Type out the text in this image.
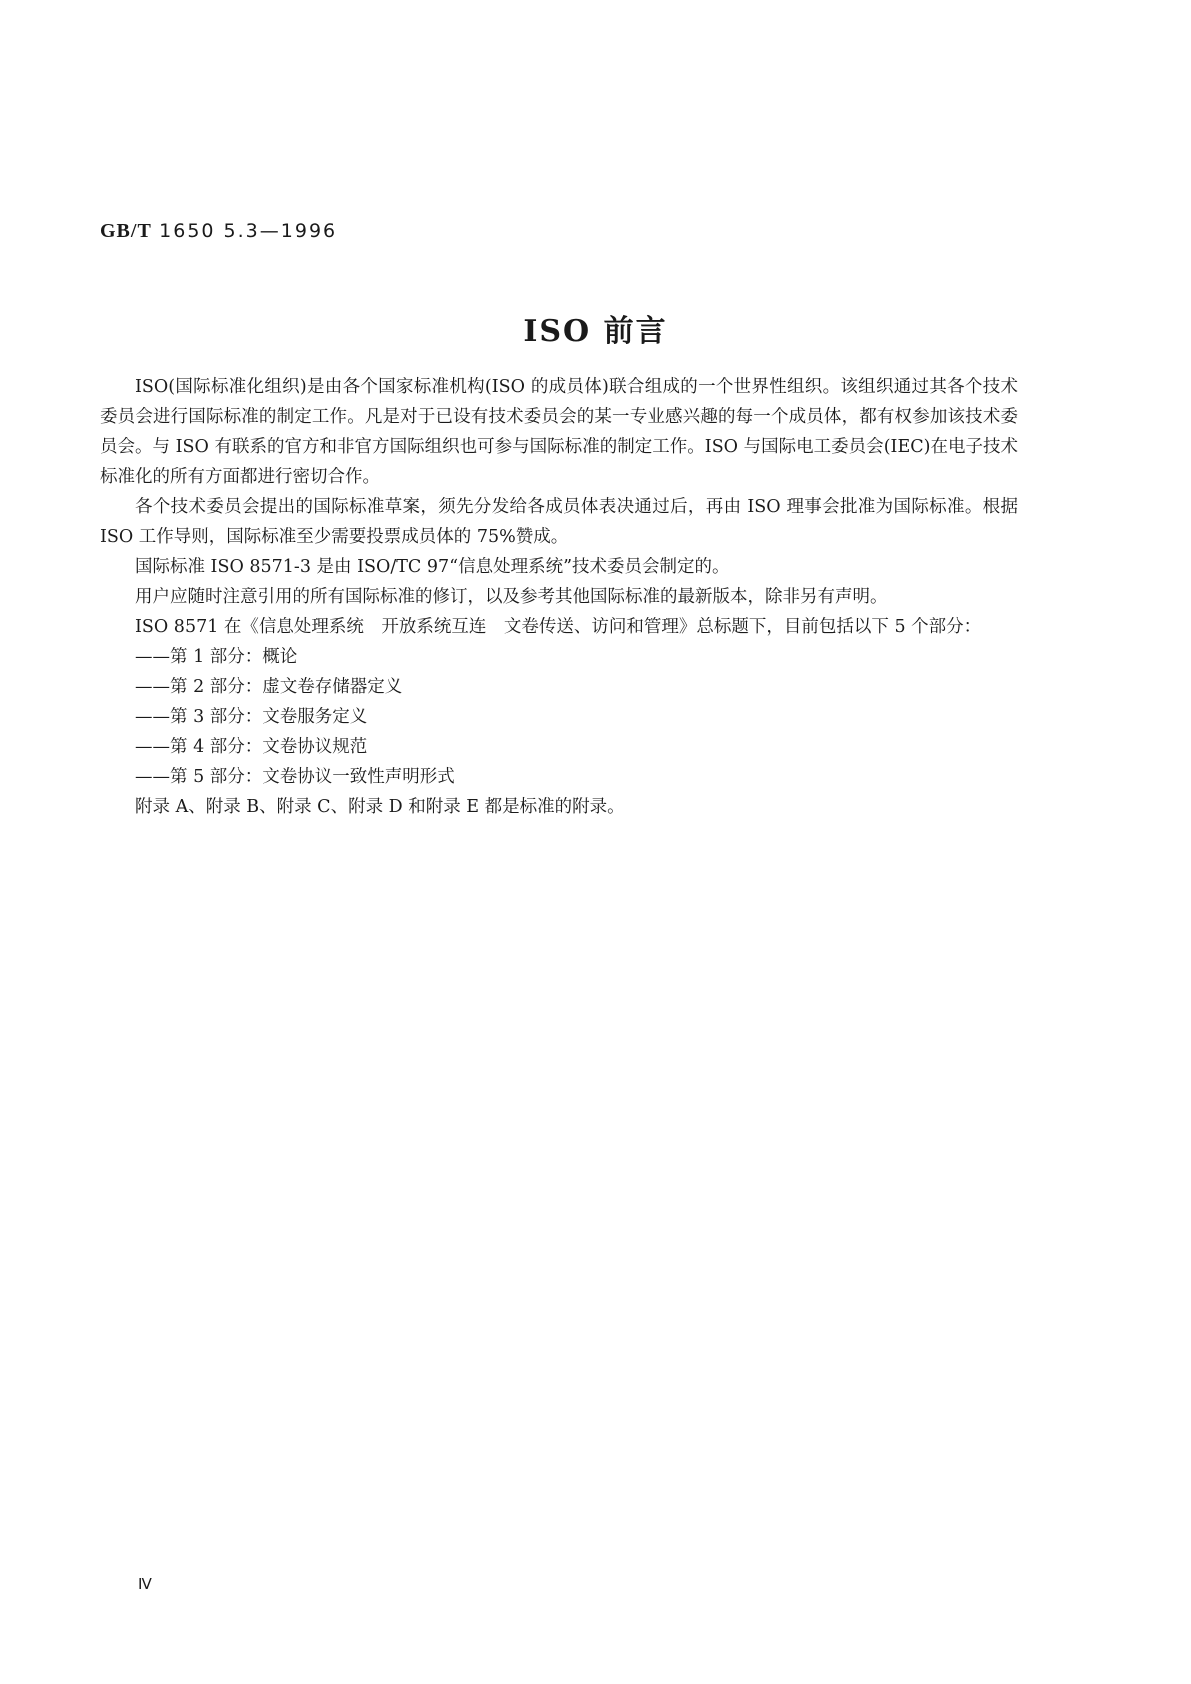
GB/T 1650 5.3—1996
ISO 前言

ISO(国际标准化组织)是由各个国家标准机构(ISO 的成员体)联合组成的一个世界性组织。该组织通过其各个技术委员会进行国际标准的制定工作。凡是对于已设有技术委员会的某一专业感兴趣的每一个成员体，都有权参加该技术委员会。与 ISO 有联系的官方和非官方国际组织也可参与国际标准的制定工作。ISO 与国际电工委员会(IEC)在电子技术标准化的所有方面都进行密切合作。

各个技术委员会提出的国际标准草案，须先分发给各成员体表决通过后，再由 ISO 理事会批准为国际标准。根据 ISO 工作导则，国际标准至少需要投票成员体的 75%赞成。

国际标准 ISO 8571-3 是由 ISO/TC 97“信息处理系统”技术委员会制定的。

用户应随时注意引用的所有国际标准的修订，以及参考其他国际标准的最新版本，除非另有声明。

ISO 8571 在《信息处理系统　开放系统互连　文卷传送、访问和管理》总标题下，目前包括以下 5 个部分：

——第 1 部分：概论
——第 2 部分：虚文卷存储器定义
——第 3 部分：文卷服务定义
——第 4 部分：文卷协议规范
——第 5 部分：文卷协议一致性声明形式

附录 A、附录 B、附录 C、附录 D 和附录 E 都是标准的附录。

Ⅳ
